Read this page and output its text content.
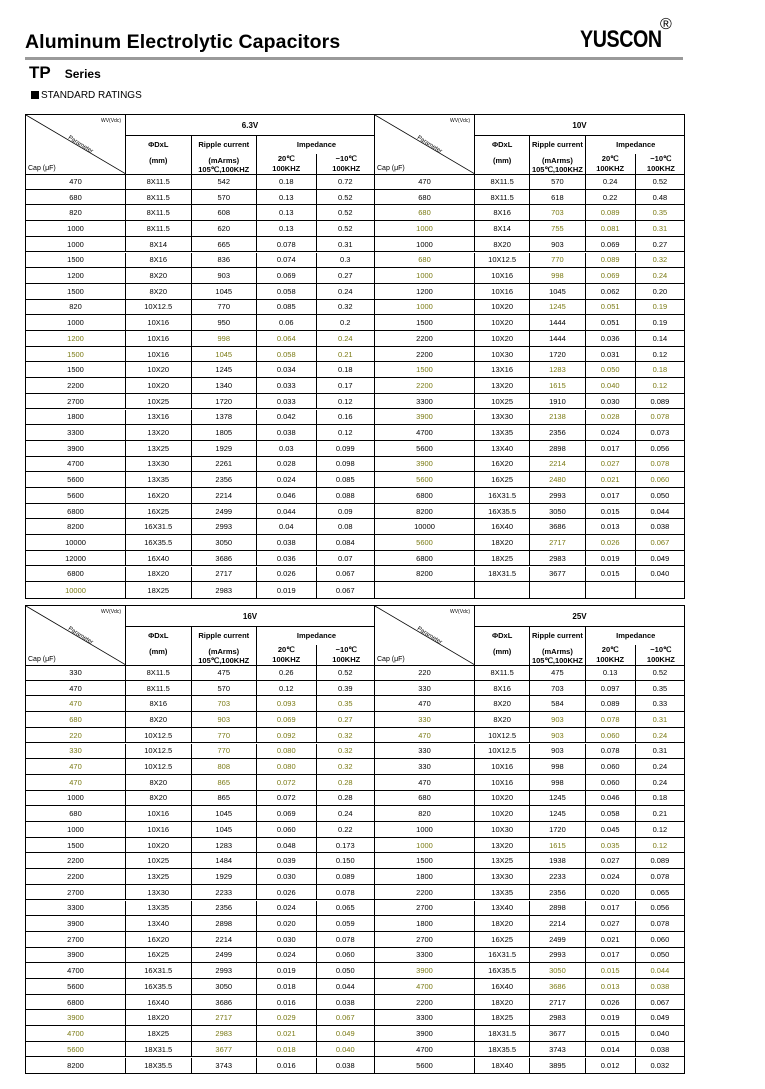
Aluminum Electrolytic Capacitors	YUSCON
®
TP Series
STANDARD RATINGS
WV(Vdc)
Parameter
Cap (μF)
6.3V
ΦDxL
(mm)
Ripple current
(mArms)
105℃,100KHZ
Impedance
20℃
100KHZ
−10℃
100KHZ
470	8X11.5	542	0.18	0.72
680	8X11.5	570	0.13	0.52
820	8X11.5	608	0.13	0.52
1000	8X11.5	620	0.13	0.52
1000	8X14	665	0.078	0.31
1500	8X16	836	0.074	0.3
1200	8X20	903	0.069	0.27
1500	8X20	1045	0.058	0.24
820	10X12.5	770	0.085	0.32
1000	10X16	950	0.06	0.2
1200	10X16	998	0.064	0.24
1500	10X16	1045	0.058	0.21
1500	10X20	1245	0.034	0.18
2200	10X20	1340	0.033	0.17
2700	10X25	1720	0.033	0.12
1800	13X16	1378	0.042	0.16
3300	13X20	1805	0.038	0.12
3900	13X25	1929	0.03	0.099
4700	13X30	2261	0.028	0.098
5600	13X35	2356	0.024	0.085
5600	16X20	2214	0.046	0.088
6800	16X25	2499	0.044	0.09
8200	16X31.5	2993	0.04	0.08
10000	16X35.5	3050	0.038	0.084
12000	16X40	3686	0.036	0.07
6800	18X20	2717	0.026	0.067
10000	18X25	2983	0.019	0.067
WV(Vdc)
Parameter
Cap (μF)
10V
ΦDxL
(mm)
Ripple current
(mArms)
105℃,100KHZ
Impedance
20℃
100KHZ
−10℃
100KHZ
470	8X11.5	570	0.24	0.52
680	8X11.5	618	0.22	0.48
680	8X16	703	0.089	0.35
1000	8X14	755	0.081	0.31
1000	8X20	903	0.069	0.27
680	10X12.5	770	0.089	0.32
1000	10X16	998	0.069	0.24
1200	10X16	1045	0.062	0.20
1000	10X20	1245	0.051	0.19
1500	10X20	1444	0.051	0.19
2200	10X20	1444	0.036	0.14
2200	10X30	1720	0.031	0.12
1500	13X16	1283	0.050	0.18
2200	13X20	1615	0.040	0.12
3300	10X25	1910	0.030	0.089
3900	13X30	2138	0.028	0.078
4700	13X35	2356	0.024	0.073
5600	13X40	2898	0.017	0.056
3900	16X20	2214	0.027	0.078
5600	16X25	2480	0.021	0.060
6800	16X31.5	2993	0.017	0.050
8200	16X35.5	3050	0.015	0.044
10000	16X40	3686	0.013	0.038
5600	18X20	2717	0.026	0.067
6800	18X25	2983	0.019	0.049
8200	18X31.5	3677	0.015	0.040
WV(Vdc)
Parameter
Cap (μF)
16V
ΦDxL
(mm)
Ripple current
(mArms)
105℃,100KHZ
Impedance
20℃
100KHZ
−10℃
100KHZ
330	8X11.5	475	0.26	0.52
470	8X11.5	570	0.12	0.39
470	8X16	703	0.093	0.35
680	8X20	903	0.069	0.27
220	10X12.5	770	0.092	0.32
330	10X12.5	770	0.080	0.32
470	10X12.5	808	0.080	0.32
470	8X20	865	0.072	0.28
1000	8X20	865	0.072	0.28
680	10X16	1045	0.069	0.24
1000	10X16	1045	0.060	0.22
1500	10X20	1283	0.048	0.173
2200	10X25	1484	0.039	0.150
2200	13X25	1929	0.030	0.089
2700	13X30	2233	0.026	0.078
3300	13X35	2356	0.024	0.065
3900	13X40	2898	0.020	0.059
2700	16X20	2214	0.030	0.078
3900	16X25	2499	0.024	0.060
4700	16X31.5	2993	0.019	0.050
5600	16X35.5	3050	0.018	0.044
6800	16X40	3686	0.016	0.038
3900	18X20	2717	0.029	0.067
4700	18X25	2983	0.021	0.049
5600	18X31.5	3677	0.018	0.040
8200	18X35.5	3743	0.016	0.038
WV(Vdc)
Parameter
Cap (μF)
25V
ΦDxL
(mm)
Ripple current
(mArms)
105℃,100KHZ
Impedance
20℃
100KHZ
−10℃
100KHZ
220	8X11.5	475	0.13	0.52
330	8X16	703	0.097	0.35
470	8X20	584	0.089	0.33
330	8X20	903	0.078	0.31
470	10X12.5	903	0.060	0.24
330	10X12.5	903	0.078	0.31
330	10X16	998	0.060	0.24
470	10X16	998	0.060	0.24
680	10X20	1245	0.046	0.18
820	10X20	1245	0.058	0.21
1000	10X30	1720	0.045	0.12
1000	13X20	1615	0.035	0.12
1500	13X25	1938	0.027	0.089
1800	13X30	2233	0.024	0.078
2200	13X35	2356	0.020	0.065
2700	13X40	2898	0.017	0.056
1800	18X20	2214	0.027	0.078
2700	16X25	2499	0.021	0.060
3300	16X31.5	2993	0.017	0.050
3900	16X35.5	3050	0.015	0.044
4700	16X40	3686	0.013	0.038
2200	18X20	2717	0.026	0.067
3300	18X25	2983	0.019	0.049
3900	18X31.5	3677	0.015	0.040
4700	18X35.5	3743	0.014	0.038
5600	18X40	3895	0.012	0.032
